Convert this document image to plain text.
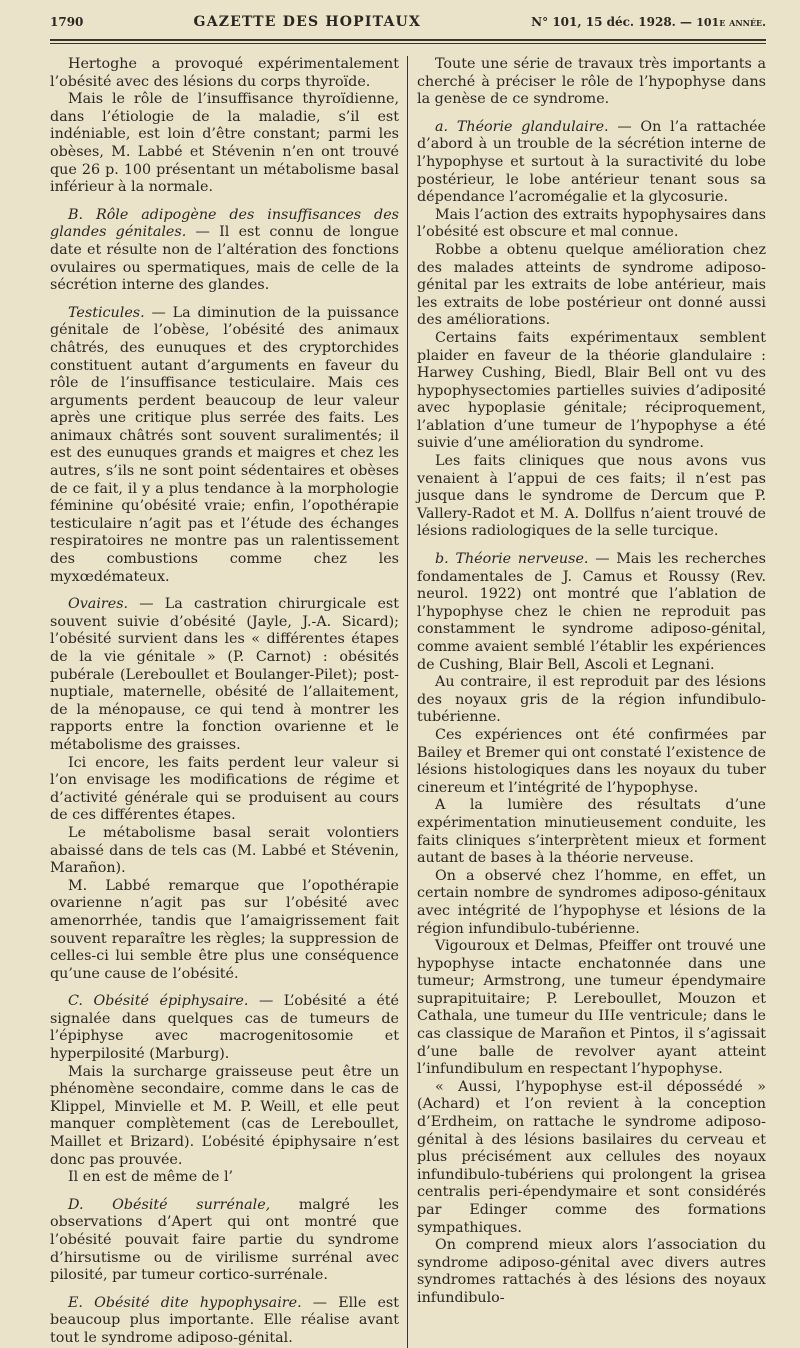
1790	GAZETTE DES HOPITAUX	N° 101, 15 déc. 1928. — 101e année.

Hertoghe a provoqué expérimentalement l’obésité avec des lésions du corps thyroïde.

Mais le rôle de l’insuffisance thyroïdienne, dans l’étiologie de la maladie, s’il est indéniable, est loin d’être constant; parmi les obèses, M. Labbé et Stévenin n’en ont trouvé que 26 p. 100 présentant un métabolisme basal inférieur à la normale.

B. Rôle adipogène des insuffisances des glandes génitales. — Il est connu de longue date et résulte non de l’altération des fonctions ovulaires ou spermatiques, mais de celle de la sécrétion interne des glandes.

Testicules. — La diminution de la puissance génitale de l’obèse, l’obésité des animaux châtrés, des eunuques et des cryptorchides constituent autant d’arguments en faveur du rôle de l’insuffisance testiculaire. Mais ces arguments perdent beaucoup de leur valeur après une critique plus serrée des faits. Les animaux châtrés sont souvent suralimentés; il est des eunuques grands et maigres et chez les autres, s’ils ne sont point sédentaires et obèses de ce fait, il y a plus tendance à la morphologie féminine qu’obésité vraie; enfin, l’opothérapie testiculaire n’agit pas et l’étude des échanges respiratoires ne montre pas un ralentissement des combustions comme chez les myxœdémateux.

Ovaires. — La castration chirurgicale est souvent suivie d’obésité (Jayle, J.-A. Sicard); l’obésité survient dans les « différentes étapes de la vie génitale » (P. Carnot) : obésités pubérale (Lereboullet et Boulanger-Pilet); post-nuptiale, maternelle, obésité de l’allaitement, de la ménopause, ce qui tend à montrer les rapports entre la fonction ovarienne et le métabolisme des graisses.

Ici encore, les faits perdent leur valeur si l’on envisage les modifications de régime et d’activité générale qui se produisent au cours de ces différentes étapes.

Le métabolisme basal serait volontiers abaissé dans de tels cas (M. Labbé et Stévenin, Marañon).

M. Labbé remarque que l’opothérapie ovarienne n’agit pas sur l’obésité avec amenorrhée, tandis que l’amaigrissement fait souvent reparaître les règles; la suppression de celles-ci lui semble être plus une conséquence qu’une cause de l’obésité.

C. Obésité épiphysaire. — L’obésité a été signalée dans quelques cas de tumeurs de l’épiphyse avec macrogenitosomie et hyperpilosité (Marburg).

Mais la surcharge graisseuse peut être un phénomène secondaire, comme dans le cas de Klippel, Minvielle et M. P. Weill, et elle peut manquer complètement (cas de Lereboullet, Maillet et Brizard). L’obésité épiphysaire n’est donc pas prouvée.

Il en est de même de l’

D. Obésité surrénale, malgré les observations d’Apert qui ont montré que l’obésité pouvait faire partie du syndrome d’hirsutisme ou de virilisme surrénal avec pilosité, par tumeur cortico-surrénale.

E. Obésité dite hypophysaire. — Elle est beaucoup plus importante. Elle réalise avant tout le syndrome adiposo-génital.

Toute une série de travaux très importants a cherché à préciser le rôle de l’hypophyse dans la genèse de ce syndrome.

a. Théorie glandulaire. — On l’a rattachée d’abord à un trouble de la sécrétion interne de l’hypophyse et surtout à la suractivité du lobe postérieur, le lobe antérieur tenant sous sa dépendance l’acromégalie et la glycosurie.

Mais l’action des extraits hypophysaires dans l’obésité est obscure et mal connue.

Robbe a obtenu quelque amélioration chez des malades atteints de syndrome adiposo-génital par les extraits de lobe antérieur, mais les extraits de lobe postérieur ont donné aussi des améliorations.

Certains faits expérimentaux semblent plaider en faveur de la théorie glandulaire : Harwey Cushing, Biedl, Blair Bell ont vu des hypophysectomies partielles suivies d’adiposité avec hypoplasie génitale; réciproquement, l’ablation d’une tumeur de l’hypophyse a été suivie d’une amélioration du syndrome.

Les faits cliniques que nous avons vus venaient à l’appui de ces faits; il n’est pas jusque dans le syndrome de Dercum que P. Vallery-Radot et M. A. Dollfus n’aient trouvé de lésions radiologiques de la selle turcique.

b. Théorie nerveuse. — Mais les recherches fondamentales de J. Camus et Roussy (Rev. neurol. 1922) ont montré que l’ablation de l’hypophyse chez le chien ne reproduit pas constamment le syndrome adiposo-génital, comme avaient semblé l’établir les expériences de Cushing, Blair Bell, Ascoli et Legnani.

Au contraire, il est reproduit par des lésions des noyaux gris de la région infundibulo-tubérienne.

Ces expériences ont été confirmées par Bailey et Bremer qui ont constaté l’existence de lésions histologiques dans les noyaux du tuber cinereum et l’intégrité de l’hypophyse.

A la lumière des résultats d’une expérimentation minutieusement conduite, les faits cliniques s’interprètent mieux et forment autant de bases à la théorie nerveuse.

On a observé chez l’homme, en effet, un certain nombre de syndromes adiposo-génitaux avec intégrité de l’hypophyse et lésions de la région infundibulo-tubérienne.

Vigouroux et Delmas, Pfeiffer ont trouvé une hypophyse intacte enchatonnée dans une tumeur; Armstrong, une tumeur épendymaire suprapituitaire; P. Lereboullet, Mouzon et Cathala, une tumeur du IIIe ventricule; dans le cas classique de Marañon et Pintos, il s’agissait d’une balle de revolver ayant atteint l’infundibulum en respectant l’hypophyse.

« Aussi, l’hypophyse est-il dépossédé » (Achard) et l’on revient à la conception d’Erdheim, on rattache le syndrome adiposo-génital à des lésions basilaires du cerveau et plus précisément aux cellules des noyaux infundibulo-tubériens qui prolongent la grisea centralis peri-épendymaire et sont considérés par Edinger comme des formations sympathiques.

On comprend mieux alors l’association du syndrome adiposo-génital avec divers autres syndromes rattachés à des lésions des noyaux infundibulo-
